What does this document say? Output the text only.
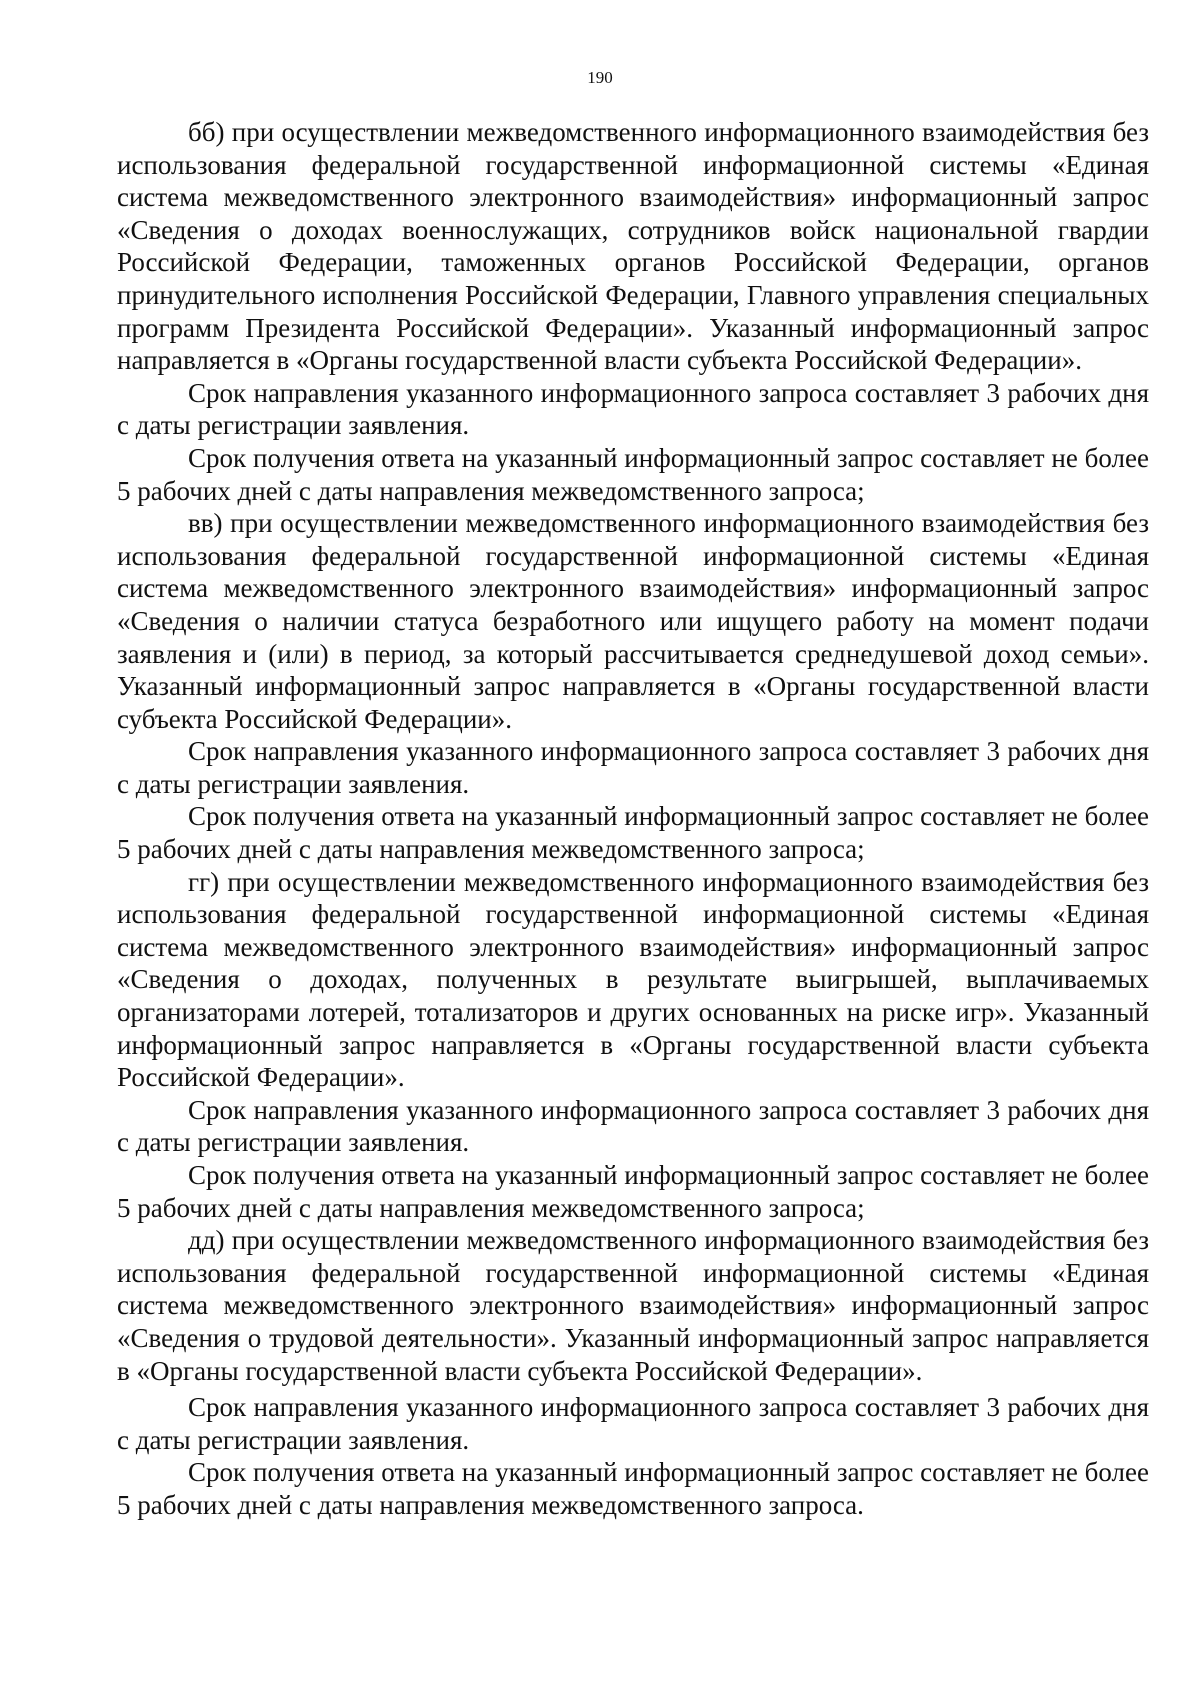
190

бб) при осуществлении межведомственного информационного взаимодействия без использования федеральной государственной информационной системы «Единая система межведомственного электронного взаимодействия» информационный запрос «Сведения о доходах военнослужащих, сотрудников войск национальной гвардии Российской Федерации, таможенных органов Российской Федерации, органов принудительного исполнения Российской Федерации, Главного управления специальных программ Президента Российской Федерации». Указанный информационный запрос направляется в «Органы государственной власти субъекта Российской Федерации».

Срок направления указанного информационного запроса составляет 3 рабочих дня с даты регистрации заявления.

Срок получения ответа на указанный информационный запрос составляет не более 5 рабочих дней с даты направления межведомственного запроса;

вв) при осуществлении межведомственного информационного взаимодействия без использования федеральной государственной информационной системы «Единая система межведомственного электронного взаимодействия» информационный запрос «Сведения о наличии статуса безработного или ищущего работу на момент подачи заявления и (или) в период, за который рассчитывается среднедушевой доход семьи». Указанный информационный запрос направляется в «Органы государственной власти субъекта Российской Федерации».

Срок направления указанного информационного запроса составляет 3 рабочих дня с даты регистрации заявления.

Срок получения ответа на указанный информационный запрос составляет не более 5 рабочих дней с даты направления межведомственного запроса;

гг) при осуществлении межведомственного информационного взаимодействия без использования федеральной государственной информационной системы «Единая система межведомственного электронного взаимодействия» информационный запрос «Сведения о доходах, полученных в результате выигрышей, выплачиваемых организаторами лотерей, тотализаторов и других основанных на риске игр». Указанный информационный запрос направляется в «Органы государственной власти субъекта Российской Федерации».

Срок направления указанного информационного запроса составляет 3 рабочих дня с даты регистрации заявления.

Срок получения ответа на указанный информационный запрос составляет не более 5 рабочих дней с даты направления межведомственного запроса;

дд) при осуществлении межведомственного информационного взаимодействия без использования федеральной государственной информационной системы «Единая система межведомственного электронного взаимодействия» информационный запрос «Сведения о трудовой деятельности». Указанный информационный запрос направляется в «Органы государственной власти субъекта Российской Федерации».

Срок направления указанного информационного запроса составляет 3 рабочих дня с даты регистрации заявления.

Срок получения ответа на указанный информационный запрос составляет не более 5 рабочих дней с даты направления межведомственного запроса.
